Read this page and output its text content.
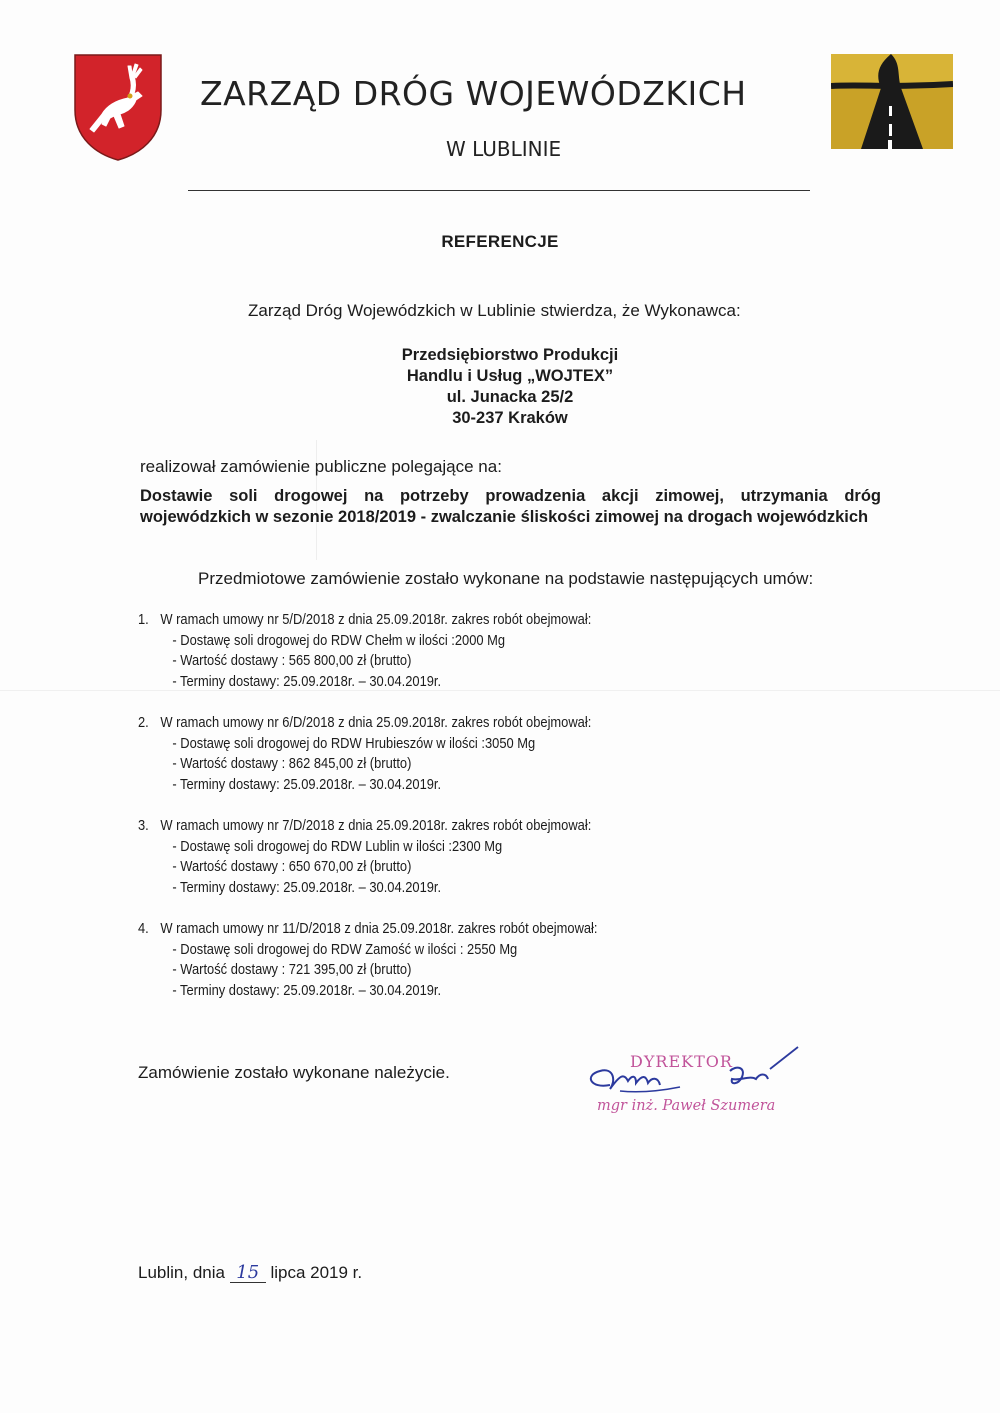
ZARZĄD DRÓG WOJEWÓDZKICH
W LUBLINIE
REFERENCJE
Zarząd Dróg Wojewódzkich w Lublinie stwierdza, że Wykonawca:
Przedsiębiorstwo Produkcji
Handlu i Usług „WOJTEX”
ul. Junacka 25/2
30-237 Kraków
realizował zamówienie publiczne polegające na:
Dostawie soli drogowej na potrzeby prowadzenia akcji zimowej, utrzymania dróg wojewódzkich w sezonie 2018/2019 - zwalczanie śliskości zimowej na drogach wojewódzkich
Przedmiotowe zamówienie zostało wykonane na podstawie następujących umów:
1. W ramach umowy nr 5/D/2018 z dnia 25.09.2018r. zakres robót obejmował:
- Dostawę soli drogowej do RDW Chełm w ilości :2000 Mg
- Wartość dostawy : 565 800,00 zł (brutto)
- Terminy dostawy: 25.09.2018r. – 30.04.2019r.
2. W ramach umowy nr 6/D/2018 z dnia 25.09.2018r. zakres robót obejmował:
- Dostawę soli drogowej do RDW Hrubieszów w ilości :3050 Mg
- Wartość dostawy : 862 845,00 zł (brutto)
- Terminy dostawy: 25.09.2018r. – 30.04.2019r.
3. W ramach umowy nr 7/D/2018 z dnia 25.09.2018r. zakres robót obejmował:
- Dostawę soli drogowej do RDW Lublin w ilości :2300 Mg
- Wartość dostawy : 650 670,00 zł (brutto)
- Terminy dostawy: 25.09.2018r. – 30.04.2019r.
4. W ramach umowy nr 11/D/2018 z dnia 25.09.2018r. zakres robót obejmował:
- Dostawę soli drogowej do RDW Zamość w ilości : 2550 Mg
- Wartość dostawy : 721 395,00 zł (brutto)
- Terminy dostawy: 25.09.2018r. – 30.04.2019r.
Zamówienie zostało wykonane należycie.
DYREKTOR
mgr inż. Paweł Szumera
Lublin, dnia 15 lipca 2019 r.
